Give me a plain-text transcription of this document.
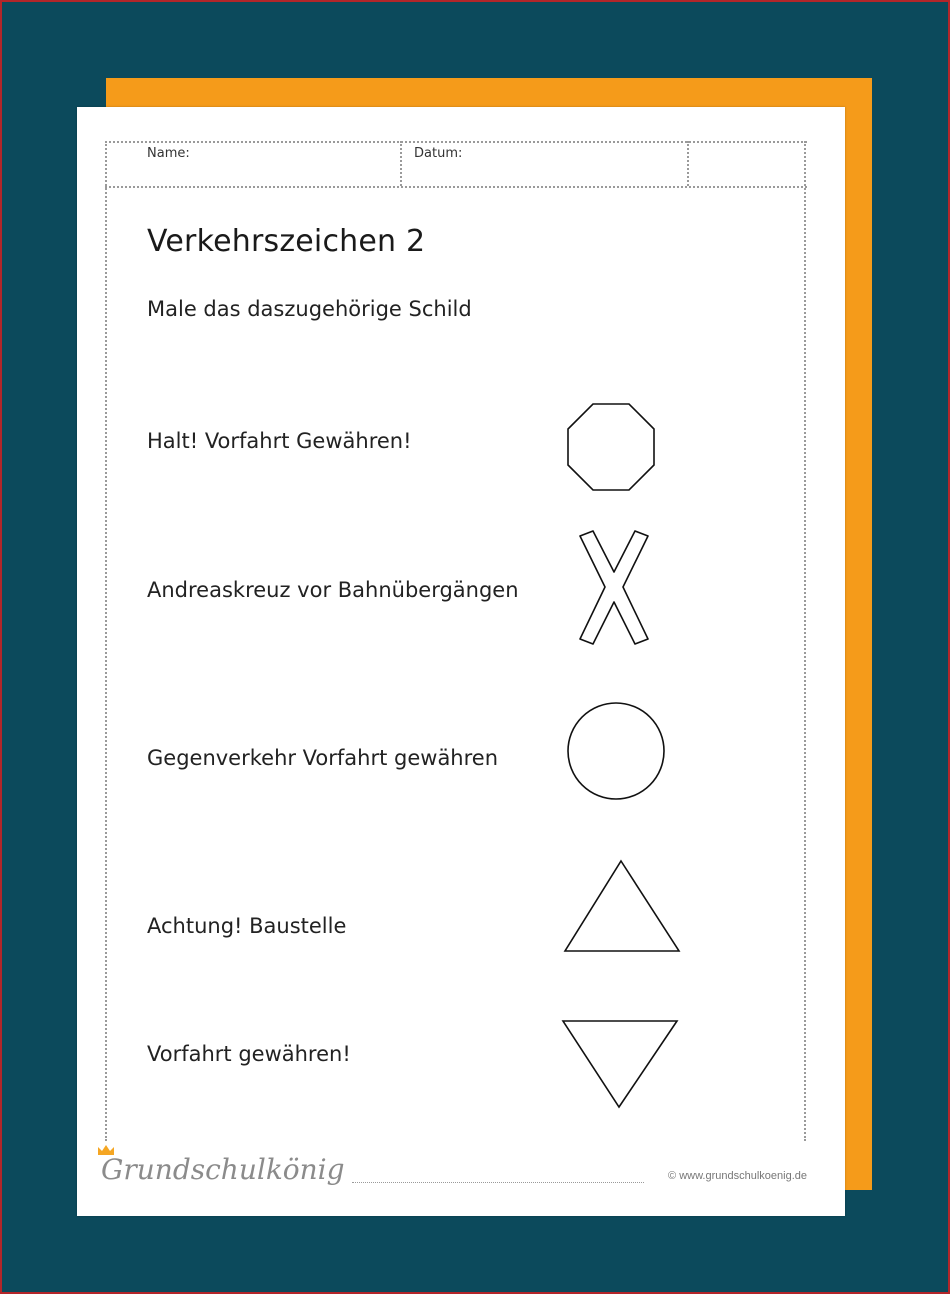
Name:	Datum:
Verkehrszeichen 2
Male das daszugehörige Schild
Halt! Vorfahrt Gewähren!
Andreaskreuz vor Bahnübergängen
Gegenverkehr Vorfahrt gewähren
Achtung! Baustelle
Vorfahrt gewähren!
Grundschulkönig	© www.grundschulkoenig.de
